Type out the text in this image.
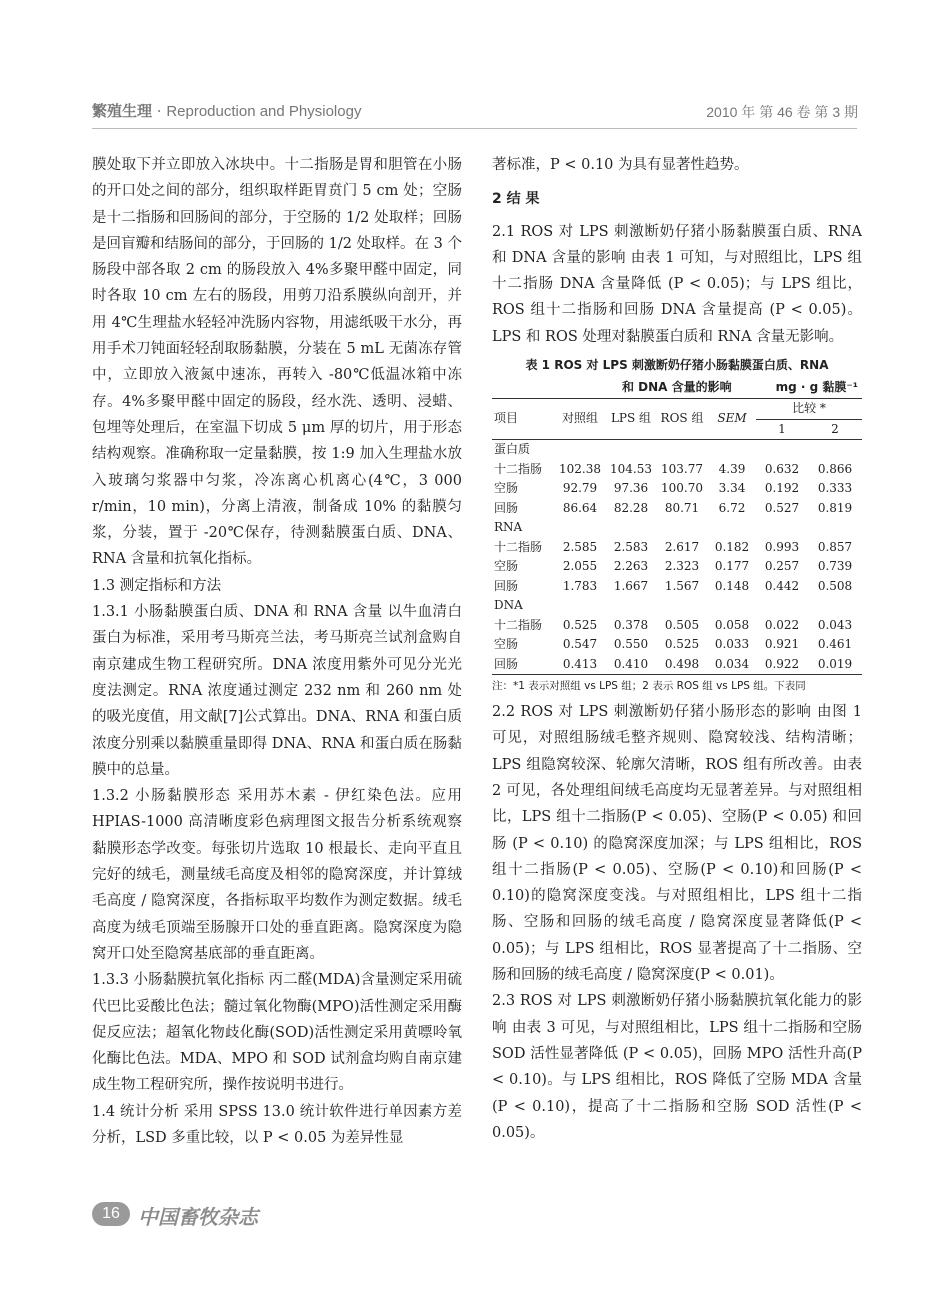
繁殖生理 · Reproduction and Physiology	2010 年 第 46 卷 第 3 期

膜处取下并立即放入冰块中。十二指肠是胃和胆管在小肠的开口处之间的部分，组织取样距胃贲门 5 cm 处；空肠是十二指肠和回肠间的部分，于空肠的 1/2 处取样；回肠是回盲瓣和结肠间的部分，于回肠的 1/2 处取样。在 3 个肠段中部各取 2 cm 的肠段放入 4%多聚甲醛中固定，同时各取 10 cm 左右的肠段，用剪刀沿系膜纵向剖开，并用 4℃生理盐水轻轻冲洗肠内容物，用滤纸吸干水分，再用手术刀钝面轻轻刮取肠黏膜，分装在 5 mL 无菌冻存管中，立即放入液氮中速冻，再转入 -80℃低温冰箱中冻存。4%多聚甲醛中固定的肠段，经水洗、透明、浸蜡、包埋等处理后，在室温下切成 5 μm 厚的切片，用于形态结构观察。准确称取一定量黏膜，按 1:9 加入生理盐水放入玻璃匀浆器中匀浆，冷冻离心机离心(4℃，3 000 r/min，10 min)，分离上清液，制备成 10% 的黏膜匀浆，分装，置于 -20℃保存，待测黏膜蛋白质、DNA、RNA 含量和抗氧化指标。

1.3 测定指标和方法

1.3.1 小肠黏膜蛋白质、DNA 和 RNA 含量 以牛血清白蛋白为标准，采用考马斯亮兰法，考马斯亮兰试剂盒购自南京建成生物工程研究所。DNA 浓度用紫外可见分光光度法测定。RNA 浓度通过测定 232 nm 和 260 nm 处的吸光度值，用文献[7]公式算出。DNA、RNA 和蛋白质浓度分别乘以黏膜重量即得 DNA、RNA 和蛋白质在肠黏膜中的总量。

1.3.2 小肠黏膜形态 采用苏木素 - 伊红染色法。应用 HPIAS-1000 高清晰度彩色病理图文报告分析系统观察黏膜形态学改变。每张切片选取 10 根最长、走向平直且完好的绒毛，测量绒毛高度及相邻的隐窝深度，并计算绒毛高度 / 隐窝深度，各指标取平均数作为测定数据。绒毛高度为绒毛顶端至肠腺开口处的垂直距离。隐窝深度为隐窝开口处至隐窝基底部的垂直距离。

1.3.3 小肠黏膜抗氧化指标 丙二醛(MDA)含量测定采用硫代巴比妥酸比色法；髓过氧化物酶(MPO)活性测定采用酶促反应法；超氧化物歧化酶(SOD)活性测定采用黄嘌呤氧化酶比色法。MDA、MPO 和 SOD 试剂盒均购自南京建成生物工程研究所，操作按说明书进行。

1.4 统计分析 采用 SPSS 13.0 统计软件进行单因素方差分析，LSD 多重比较，以 P < 0.05 为差异性显

著标准，P < 0.10 为具有显著性趋势。

2 结 果

2.1 ROS 对 LPS 刺激断奶仔猪小肠黏膜蛋白质、RNA 和 DNA 含量的影响 由表 1 可知，与对照组比，LPS 组十二指肠 DNA 含量降低 (P < 0.05)；与 LPS 组比，ROS 组十二指肠和回肠 DNA 含量提高 (P < 0.05)。LPS 和 ROS 处理对黏膜蛋白质和 RNA 含量无影响。

表 1 ROS 对 LPS 刺激断奶仔猪小肠黏膜蛋白质、RNA
和 DNA 含量的影响	mg · g 黏膜⁻¹
项目	对照组	LPS 组	ROS 组	SEM	比较 *	
					1	2
蛋白质						
十二指肠	102.38	104.53	103.77	4.39	0.632	0.866
空肠	92.79	97.36	100.70	3.34	0.192	0.333
回肠	86.64	82.28	80.71	6.72	0.527	0.819
RNA						
十二指肠	2.585	2.583	2.617	0.182	0.993	0.857
空肠	2.055	2.263	2.323	0.177	0.257	0.739
回肠	1.783	1.667	1.567	0.148	0.442	0.508
DNA						
十二指肠	0.525	0.378	0.505	0.058	0.022	0.043
空肠	0.547	0.550	0.525	0.033	0.921	0.461
回肠	0.413	0.410	0.498	0.034	0.922	0.019
注：*1 表示对照组 vs LPS 组；2 表示 ROS 组 vs LPS 组。下表同

2.2 ROS 对 LPS 刺激断奶仔猪小肠形态的影响 由图 1 可见，对照组肠绒毛整齐规则、隐窝较浅、结构清晰；LPS 组隐窝较深、轮廓欠清晰，ROS 组有所改善。由表 2 可见，各处理组间绒毛高度均无显著差异。与对照组相比，LPS 组十二指肠(P < 0.05)、空肠(P < 0.05) 和回肠 (P < 0.10) 的隐窝深度加深；与 LPS 组相比，ROS 组十二指肠(P < 0.05)、空肠(P < 0.10)和回肠(P < 0.10)的隐窝深度变浅。与对照组相比，LPS 组十二指肠、空肠和回肠的绒毛高度 / 隐窝深度显著降低(P < 0.05)；与 LPS 组相比，ROS 显著提高了十二指肠、空肠和回肠的绒毛高度 / 隐窝深度(P < 0.01)。

2.3 ROS 对 LPS 刺激断奶仔猪小肠黏膜抗氧化能力的影响 由表 3 可见，与对照组相比，LPS 组十二指肠和空肠 SOD 活性显著降低 (P < 0.05)，回肠 MPO 活性升高(P < 0.10)。与 LPS 组相比，ROS 降低了空肠 MDA 含量(P < 0.10)，提高了十二指肠和空肠 SOD 活性(P < 0.05)。

16 中国畜牧杂志
